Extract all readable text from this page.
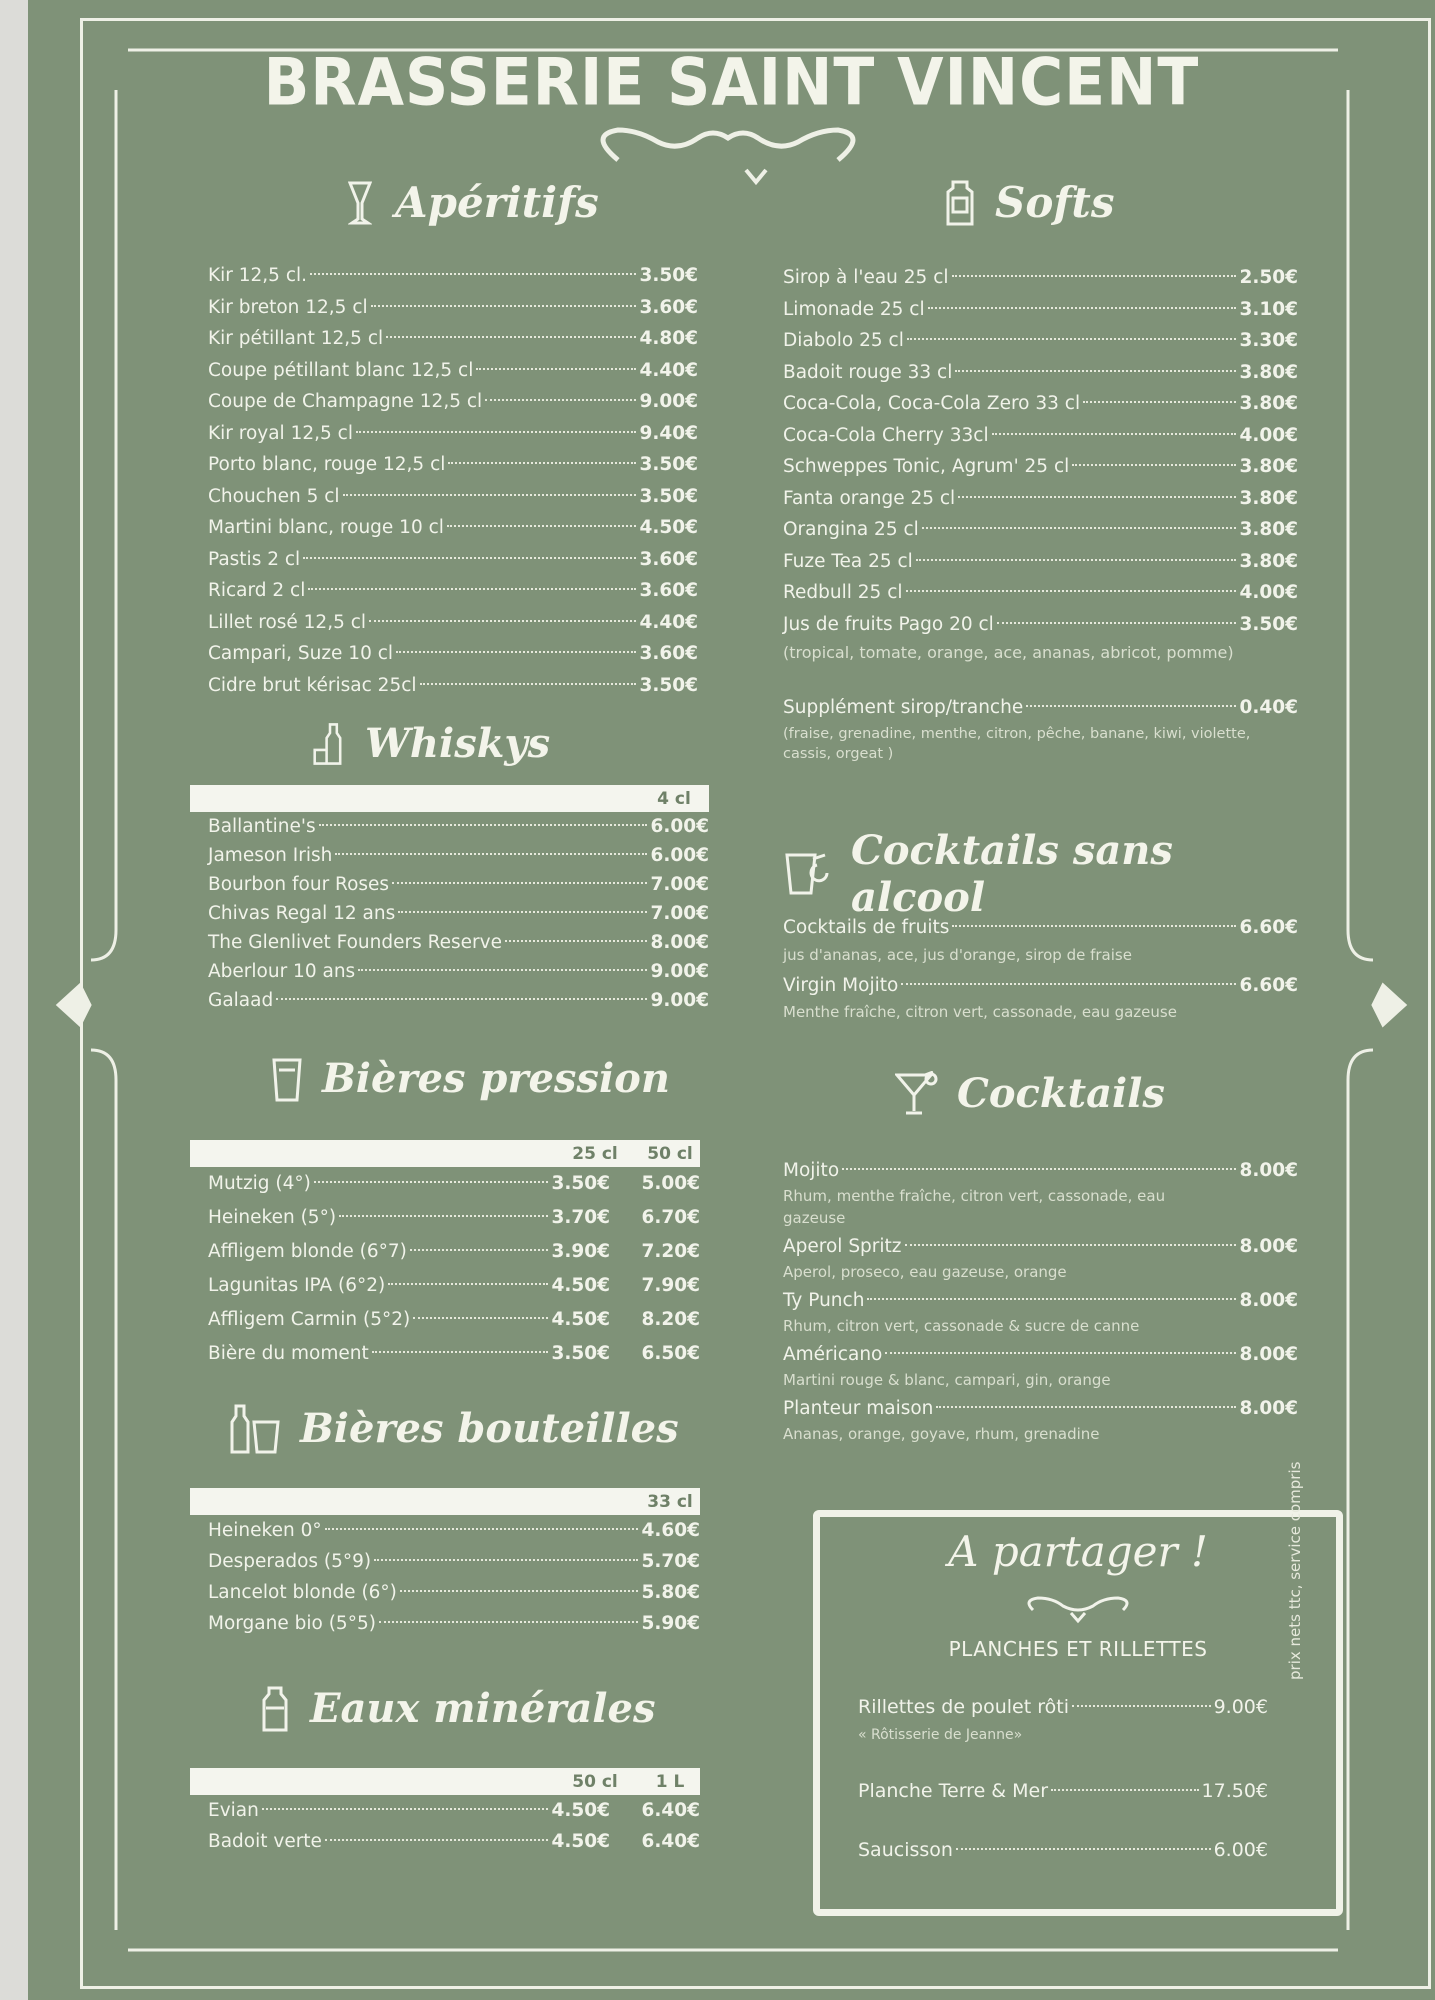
BRASSERIE SAINT VINCENT
Apéritifs
Kir 12,5 cl.	3.50€
Kir breton 12,5 cl	3.60€
Kir pétillant 12,5 cl	4.80€
Coupe pétillant blanc 12,5 cl	4.40€
Coupe de Champagne 12,5 cl	9.00€
Kir royal 12,5 cl	9.40€
Porto blanc, rouge 12,5 cl	3.50€
Chouchen 5 cl	3.50€
Martini blanc, rouge 10 cl	4.50€
Pastis 2 cl	3.60€
Ricard 2 cl	3.60€
Lillet rosé 12,5 cl	4.40€
Campari, Suze 10 cl	3.60€
Cidre brut kérisac 25cl	3.50€
Whiskys
4 cl
Ballantine's	6.00€
Jameson Irish	6.00€
Bourbon four Roses	7.00€
Chivas Regal 12 ans	7.00€
The Glenlivet Founders Reserve	8.00€
Aberlour 10 ans	9.00€
Galaad	9.00€
Bières pression
25 cl	50 cl
Mutzig (4°)	3.50€	5.00€
Heineken (5°)	3.70€	6.70€
Affligem blonde (6°7)	3.90€	7.20€
Lagunitas IPA (6°2)	4.50€	7.90€
Affligem Carmin (5°2)	4.50€	8.20€
Bière du moment	3.50€	6.50€
Bières bouteilles
33 cl
Heineken 0°	4.60€
Desperados (5°9)	5.70€
Lancelot blonde (6°)	5.80€
Morgane bio (5°5)	5.90€
Eaux minérales
50 cl	1 L
Evian	4.50€	6.40€
Badoit verte	4.50€	6.40€
Softs
Sirop à l'eau 25 cl	2.50€
Limonade 25 cl	3.10€
Diabolo 25 cl	3.30€
Badoit rouge 33 cl	3.80€
Coca-Cola, Coca-Cola Zero 33 cl	3.80€
Coca-Cola Cherry 33cl	4.00€
Schweppes Tonic, Agrum' 25 cl	3.80€
Fanta orange 25 cl	3.80€
Orangina 25 cl	3.80€
Fuze Tea 25 cl	3.80€
Redbull 25 cl	4.00€
Jus de fruits Pago 20 cl	3.50€
(tropical, tomate, orange, ace, ananas, abricot, pomme)
Supplément sirop/tranche	0.40€
(fraise, grenadine, menthe, citron, pêche, banane, kiwi, violette, cassis, orgeat )
Cocktails sans alcool
Cocktails de fruits	6.60€
jus d'ananas, ace, jus d'orange, sirop de fraise
Virgin Mojito	6.60€
Menthe fraîche, citron vert, cassonade, eau gazeuse
Cocktails
Mojito	8.00€
Rhum, menthe fraîche, citron vert, cassonade, eau gazeuse
Aperol Spritz	8.00€
Aperol, proseco, eau gazeuse, orange
Ty Punch	8.00€
Rhum, citron vert, cassonade & sucre de canne
Américano	8.00€
Martini rouge & blanc, campari, gin, orange
Planteur maison	8.00€
Ananas, orange, goyave, rhum, grenadine
A partager !
PLANCHES ET RILLETTES
Rillettes de poulet rôti	9.00€
« Rôtisserie de Jeanne»
Planche Terre & Mer	17.50€
Saucisson	6.00€
prix nets ttc, service compris
